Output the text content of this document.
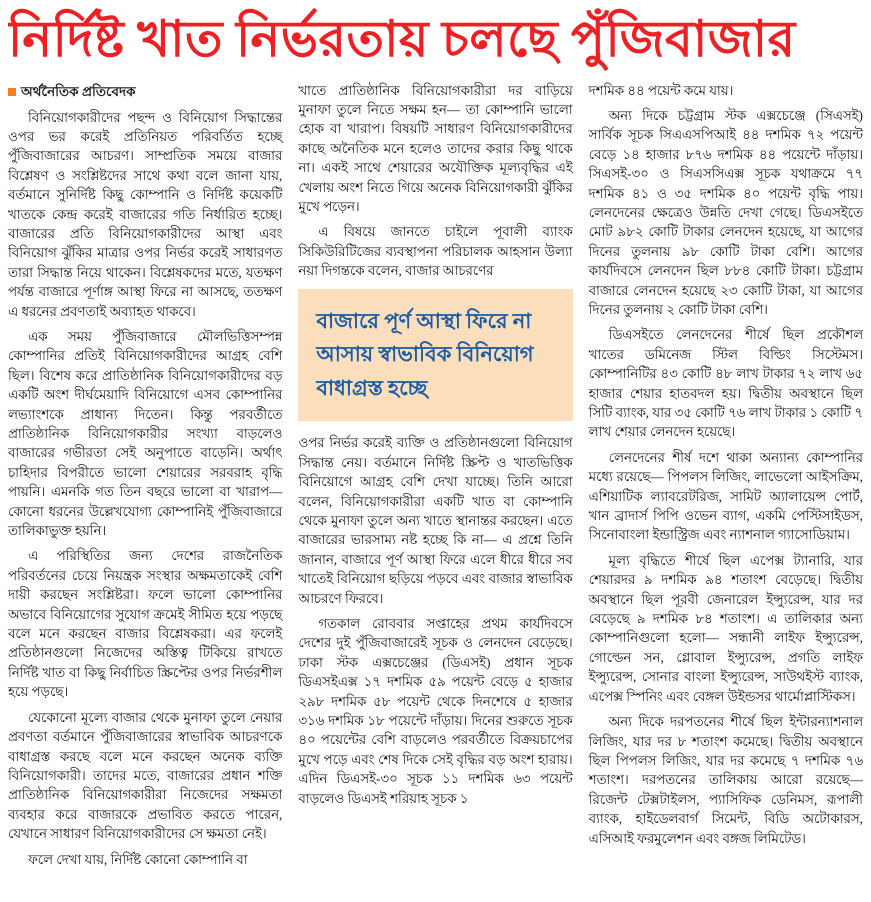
নির্দিষ্ট খাত নির্ভরতায় চলছে পুঁজিবাজার
অর্থনৈতিক প্রতিবেদক

বিনিয়োগকারীদের পছন্দ ও বিনিয়োগ সিদ্ধান্তের ওপর ভর করেই প্রতিনিয়ত পরিবর্তিত হচ্ছে পুঁজিবাজারের আচরণ। সাম্প্রতিক সময়ে বাজার বিশ্লেষণ ও সংশ্লিষ্টদের সাথে কথা বলে জানা যায়, বর্তমানে সুনির্দিষ্ট কিছু কোম্পানি ও নির্দিষ্ট কয়েকটি খাতকে কেন্দ্র করেই বাজারের গতি নির্ধারিত হচ্ছে। বাজারের প্রতি বিনিয়োগকারীদের আস্থা এবং বিনিয়োগ ঝুঁকির মাত্রার ওপর নির্ভর করেই সাধারণত তারা সিদ্ধান্ত নিয়ে থাকেন। বিশ্লেষকদের মতে, যতক্ষণ পর্যন্ত বাজারে পূর্ণাঙ্গ আস্থা ফিরে না আসছে, ততক্ষণ এ ধরনের প্রবণতাই অব্যাহত থাকবে।

এক সময় পুঁজিবাজারে মৌলভিত্তিসম্পন্ন কোম্পানির প্রতিই বিনিয়োগকারীদের আগ্রহ বেশি ছিল। বিশেষ করে প্রাতিষ্ঠানিক বিনিয়োগকারীদের বড় একটি অংশ দীর্ঘমেয়াদি বিনিয়োগে এসব কোম্পানির লভ্যাংশকে প্রাধান্য দিতেন। কিন্তু পরবর্তীতে প্রাতিষ্ঠানিক বিনিয়োগকারীর সংখ্যা বাড়লেও বাজারের গভীরতা সেই অনুপাতে বাড়েনি। অর্থাৎ চাহিদার বিপরীতে ভালো শেয়ারের সরবরাহ বৃদ্ধি পায়নি। এমনকি গত তিন বছরে ভালো বা খারাপ— কোনো ধরনের উল্লেখযোগ্য কোম্পানিই পুঁজিবাজারে তালিকাভুক্ত হয়নি।

এ পরিস্থিতির জন্য দেশের রাজনৈতিক পরিবর্তনের চেয়ে নিয়ন্ত্রক সংস্থার অক্ষমতাকেই বেশি দায়ী করছেন সংশ্লিষ্টরা। ফলে ভালো কোম্পানির অভাবে বিনিয়োগের সুযোগ ক্রমেই সীমিত হয়ে পড়ছে বলে মনে করছেন বাজার বিশ্লেষকরা। এর ফলেই প্রতিষ্ঠানগুলো নিজেদের অস্তিত্ব টিকিয়ে রাখতে নির্দিষ্ট খাত বা কিছু নির্বাচিত স্ক্রিপ্টের ওপর নির্ভরশীল হয়ে পড়ছে।

যেকোনো মূল্যে বাজার থেকে মুনাফা তুলে নেয়ার প্রবণতা বর্তমানে পুঁজিবাজারের স্বাভাবিক আচরণকে বাধাগ্রস্ত করছে বলে মনে করছেন অনেক ব্যক্তি বিনিয়োগকারী। তাদের মতে, বাজারের প্রধান শক্তি প্রাতিষ্ঠানিক বিনিয়োগকারীরা নিজেদের সক্ষমতা ব্যবহার করে বাজারকে প্রভাবিত করতে পারেন, যেখানে সাধারণ বিনিয়োগকারীদের সে ক্ষমতা নেই।

ফলে দেখা যায়, নির্দিষ্ট কোনো কোম্পানি বা

খাতে প্রাতিষ্ঠানিক বিনিয়োগকারীরা দর বাড়িয়ে মুনাফা তুলে নিতে সক্ষম হন— তা কোম্পানি ভালো হোক বা খারাপ। বিষয়টি সাধারণ বিনিয়োগকারীদের কাছে অনৈতিক মনে হলেও তাদের করার কিছু থাকে না। একই সাথে শেয়ারের অযৌক্তিক মূল্যবৃদ্ধির এই খেলায় অংশ নিতে গিয়ে অনেক বিনিয়োগকারী ঝুঁকির মুখে পড়েন।

এ বিষয়ে জানতে চাইলে পূবালী ব্যাংক সিকিউরিটিজের ব্যবস্থাপনা পরিচালক আহসান উল্যা নয়া দিগন্তকে বলেন, বাজার আচরণের

বাজারে পূর্ণ আস্থা ফিরে না আসায় স্বাভাবিক বিনিয়োগ বাধাগ্রস্ত হচ্ছে

ওপর নির্ভর করেই ব্যক্তি ও প্রতিষ্ঠানগুলো বিনিয়োগ সিদ্ধান্ত নেয়। বর্তমানে নির্দিষ্ট স্ক্রিপ্ট ও খাতভিত্তিক বিনিয়োগে আগ্রহ বেশি দেখা যাচ্ছে। তিনি আরো বলেন, বিনিয়োগকারীরা একটি খাত বা কোম্পানি থেকে মুনাফা তুলে অন্য খাতে স্থানান্তর করছেন। এতে বাজারের ভারসাম্য নষ্ট হচ্ছে কি না— এ প্রশ্নে তিনি জানান, বাজারে পূর্ণ আস্থা ফিরে এলে ধীরে ধীরে সব খাতেই বিনিয়োগ ছড়িয়ে পড়বে এবং বাজার স্বাভাবিক আচরণে ফিরবে।

গতকাল রোববার সপ্তাহের প্রথম কার্যদিবসে দেশের দুই পুঁজিবাজারেই সূচক ও লেনদেন বেড়েছে। ঢাকা স্টক এক্সচেঞ্জের (ডিএসই) প্রধান সূচক ডিএসইএক্স ১৭ দশমিক ৫৯ পয়েন্ট বেড়ে ৫ হাজার ২৯৮ দশমিক ৫৮ পয়েন্ট থেকে দিনশেষে ৫ হাজার ৩১৬ দশমিক ১৮ পয়েন্টে দাঁড়ায়। দিনের শুরুতে সূচক ৪০ পয়েন্টের বেশি বাড়লেও পরবর্তীতে বিক্রয়চাপের মুখে পড়ে এবং শেষ দিকে সেই বৃদ্ধির বড় অংশ হারায়। এদিন ডিএসই-৩০ সূচক ১১ দশমিক ৬৩ পয়েন্ট বাড়লেও ডিএসই শরিয়াহ সূচক ১

দশমিক ৪৪ পয়েন্ট কমে যায়।

অন্য দিকে চট্টগ্রাম স্টক এক্সচেঞ্জে (সিএসই) সার্বিক সূচক সিএএসপিআই ৪৪ দশমিক ৭২ পয়েন্ট বেড়ে ১৪ হাজার ৮৭৬ দশমিক ৪৪ পয়েন্টে দাঁড়ায়। সিএসই-৩০ ও সিএসসিএক্স সূচক যথাক্রমে ৭৭ দশমিক ৪১ ও ৩৫ দশমিক ৪০ পয়েন্ট বৃদ্ধি পায়। লেনদেনের ক্ষেত্রেও উন্নতি দেখা গেছে। ডিএসইতে মোট ৯৮২ কোটি টাকার লেনদেন হয়েছে, যা আগের দিনের তুলনায় ৯৮ কোটি টাকা বেশি। আগের কার্যদিবসে লেনদেন ছিল ৮৮৪ কোটি টাকা। চট্টগ্রাম বাজারে লেনদেন হয়েছে ২৩ কোটি টাকা, যা আগের দিনের তুলনায় ২ কোটি টাকা বেশি।

ডিএসইতে লেনদেনের শীর্ষে ছিল প্রকৌশল খাতের ডমিনেজ স্টিল বিল্ডিং সিস্টেমস। কোম্পানিটির ৪৩ কোটি ৪৮ লাখ টাকার ৭২ লাখ ৬৫ হাজার শেয়ার হাতবদল হয়। দ্বিতীয় অবস্থানে ছিল সিটি ব্যাংক, যার ৩৫ কোটি ৭৬ লাখ টাকার ১ কোটি ৭ লাখ শেয়ার লেনদেন হয়েছে।

লেনদেনের শীর্ষ দশে থাকা অন্যান্য কোম্পানির মধ্যে রয়েছে— পিপলস লিজিং, লাভেলো আইসক্রিম, এশিয়াটিক ল্যাবরেটরিজ, সামিট অ্যালায়েন্স পোর্ট, খান ব্রাদার্স পিপি ওভেন ব্যাগ, একমি পেস্টিসাইডস, সিনোবাংলা ইন্ডাস্ট্রিজ এবং ন্যাশনাল গ্যাসোডিয়াম।

মূল্য বৃদ্ধিতে শীর্ষে ছিল এপেক্স ট্যানারি, যার শেয়ারদর ৯ দশমিক ৯৪ শতাংশ বেড়েছে। দ্বিতীয় অবস্থানে ছিল পূরবী জেনারেল ইন্স্যুরেন্স, যার দর বেড়েছে ৯ দশমিক ৮৪ শতাংশ। এ তালিকার অন্য কোম্পানিগুলো হলো— সন্ধানী লাইফ ইন্স্যুরেন্স, গোল্ডেন সন, গ্লোবাল ইন্স্যুরেন্স, প্রগতি লাইফ ইন্স্যুরেন্স, সোনার বাংলা ইন্স্যুরেন্স, সাউথইস্ট ব্যাংক, এপেক্স স্পিনিং এবং বেঙ্গল উইন্ডসর থার্মোপ্লাস্টিকস।

অন্য দিকে দরপতনের শীর্ষে ছিল ইন্টারন্যাশনাল লিজিং, যার দর ৮ শতাংশ কমেছে। দ্বিতীয় অবস্থানে ছিল পিপলস লিজিং, যার দর কমেছে ৭ দশমিক ৭৬ শতাংশ। দরপতনের তালিকায় আরো রয়েছে— রিজেন্ট টেক্সটাইলস, প্যাসিফিক ডেনিমস, রূপালী ব্যাংক, হাইডেলবার্গ সিমেন্ট, বিডি অটোকারস, এসিআই ফরমুলেশন এবং বঙ্গজ লিমিটেড।
